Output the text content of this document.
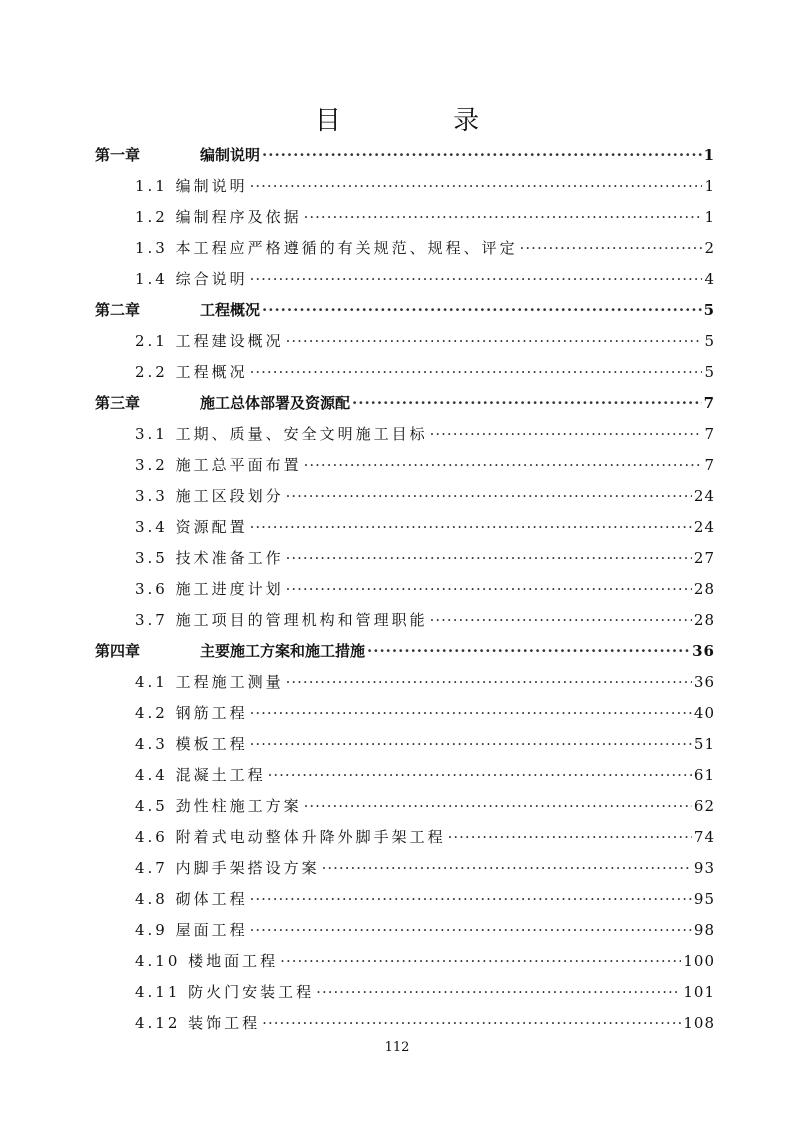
目 录
第一章	编制说明 ·····	1
1.1 编制说明 ·····	1
1.2 编制程序及依据 ·····	1
1.3 本工程应严格遵循的有关规范、规程、评定 ·····	2
1.4 综合说明 ·····	4
第二章	工程概况 ·····	5
2.1 工程建设概况 ·····	5
2.2 工程概况 ·····	5
第三章	施工总体部署及资源配 ·····	7
3.1 工期、质量、安全文明施工目标 ·····	7
3.2 施工总平面布置 ·····	7
3.3 施工区段划分 ·····	24
3.4 资源配置 ·····	24
3.5 技术准备工作 ·····	27
3.6 施工进度计划 ·····	28
3.7 施工项目的管理机构和管理职能 ·····	28
第四章	主要施工方案和施工措施 ·····	36
4.1 工程施工测量 ·····	36
4.2 钢筋工程 ·····	40
4.3 模板工程 ·····	51
4.4 混凝土工程 ·····	61
4.5 劲性柱施工方案 ·····	62
4.6 附着式电动整体升降外脚手架工程 ·····	74
4.7 内脚手架搭设方案 ·····	93
4.8 砌体工程 ·····	95
4.9 屋面工程 ·····	98
4.10 楼地面工程 ·····	100
4.11 防火门安装工程 ·····	101
4.12 装饰工程 ·····	108
112
